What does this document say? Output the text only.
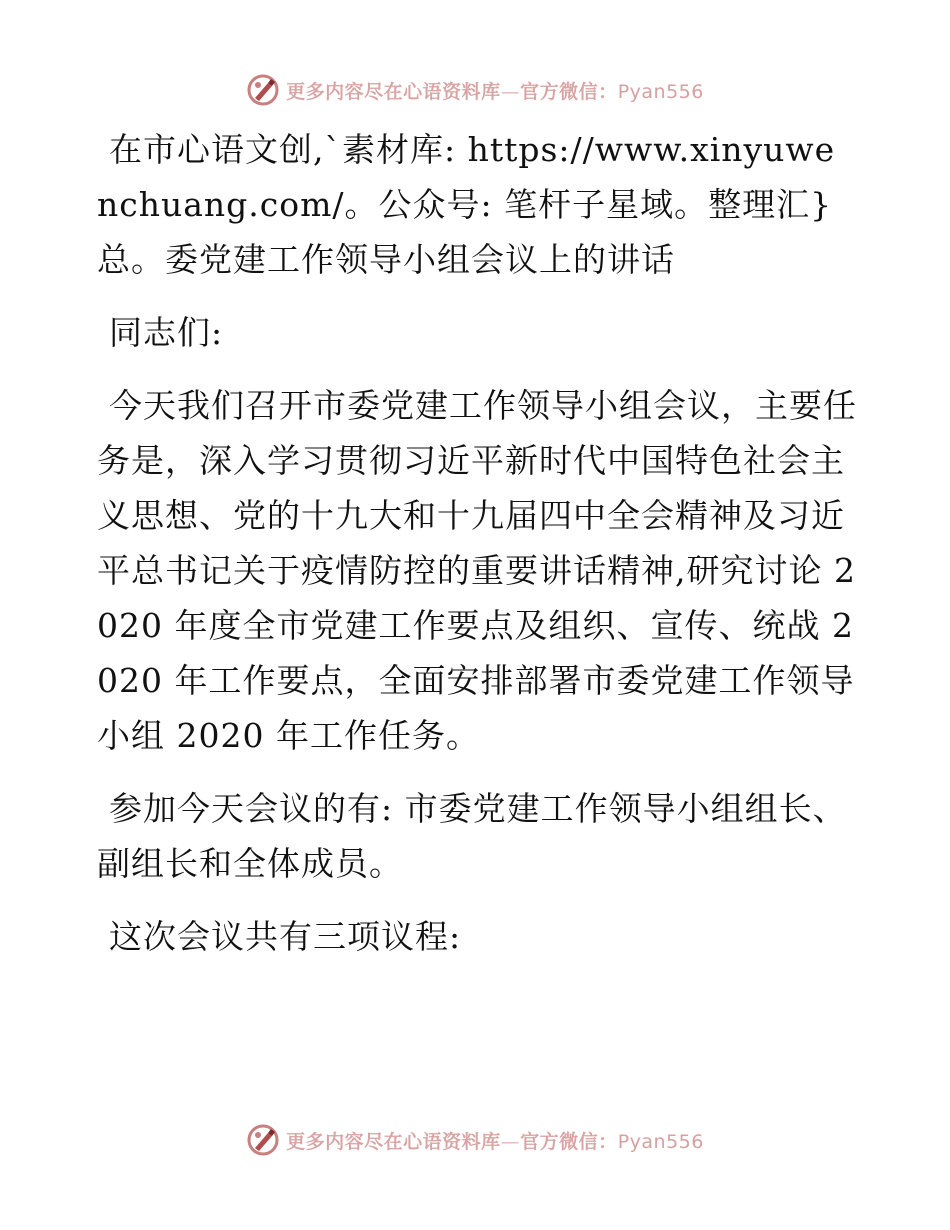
更多内容尽在心语资料库—官方微信：Pyan556

在市心语文创,`素材库: https://www.xinyuwenchuang.com/。公众号: 笔杆子星域。整理汇}总。委党建工作领导小组会议上的讲话

同志们:

今天我们召开市委党建工作领导小组会议，主要任务是，深入学习贯彻习近平新时代中国特色社会主义思想、党的十九大和十九届四中全会精神及习近平总书记关于疫情防控的重要讲话精神,研究讨论 2020 年度全市党建工作要点及组织、宣传、统战 2020 年工作要点，全面安排部署市委党建工作领导小组 2020 年工作任务。

参加今天会议的有: 市委党建工作领导小组组长、副组长和全体成员。

这次会议共有三项议程:

更多内容尽在心语资料库—官方微信：Pyan556
